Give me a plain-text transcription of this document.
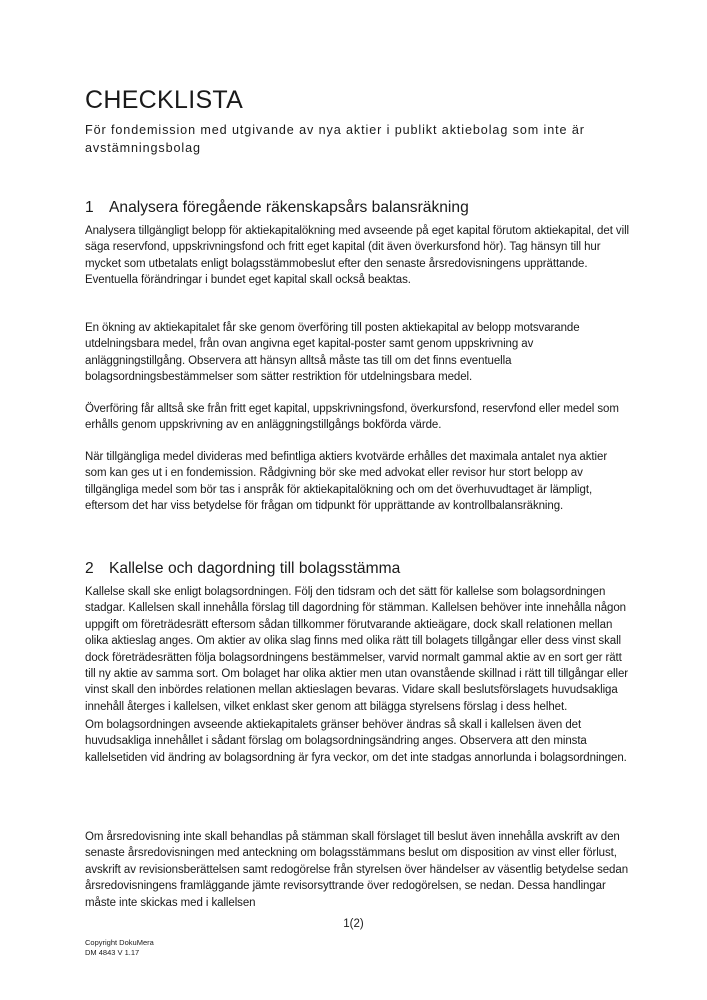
CHECKLISTA

För fondemission med utgivande av nya aktier i publikt aktiebolag som inte är avstämningsbolag

1 Analysera föregående räkenskapsårs balansräkning

Analysera tillgängligt belopp för aktiekapitalökning med avseende på eget kapital förutom aktiekapital, det vill säga reservfond, uppskrivningsfond och fritt eget kapital (dit även överkursfond hör). Tag hänsyn till hur mycket som utbetalats enligt bolagsstämmobeslut efter den senaste årsredovisningens upprättande. Eventuella förändringar i bundet eget kapital skall också beaktas.

En ökning av aktiekapitalet får ske genom överföring till posten aktiekapital av belopp motsvarande utdelningsbara medel, från ovan angivna eget kapital-poster samt genom uppskrivning av anläggningstillgång. Observera att hänsyn alltså måste tas till om det finns eventuella bolagsordningsbestämmelser som sätter restriktion för utdelningsbara medel.

Överföring får alltså ske från fritt eget kapital, uppskrivningsfond, överkursfond, reservfond eller medel som erhålls genom uppskrivning av en anläggningstillgångs bokförda värde.

När tillgängliga medel divideras med befintliga aktiers kvotvärde erhålles det maximala antalet nya aktier som kan ges ut i en fondemission. Rådgivning bör ske med advokat eller revisor hur stort belopp av tillgängliga medel som bör tas i anspråk för aktiekapitalökning och om det överhuvudtaget är lämpligt, eftersom det har viss betydelse för frågan om tidpunkt för upprättande av kontrollbalansräkning.

2 Kallelse och dagordning till bolagsstämma

Kallelse skall ske enligt bolagsordningen. Följ den tidsram och det sätt för kallelse som bolagsordningen stadgar. Kallelsen skall innehålla förslag till dagordning för stämman. Kallelsen behöver inte innehålla någon uppgift om företrädesrätt eftersom sådan tillkommer förutvarande aktieägare, dock skall relationen mellan olika aktieslag anges. Om aktier av olika slag finns med olika rätt till bolagets tillgångar eller dess vinst skall dock företrädesrätten följa bolagsordningens bestämmelser, varvid normalt gammal aktie av en sort ger rätt till ny aktie av samma sort. Om bolaget har olika aktier men utan ovanstående skillnad i rätt till tillgångar eller vinst skall den inbördes relationen mellan aktieslagen bevaras. Vidare skall beslutsförslagets huvudsakliga innehåll återges i kallelsen, vilket enklast sker genom att bilägga styrelsens förslag i dess helhet.

Om bolagsordningen avseende aktiekapitalets gränser behöver ändras så skall i kallelsen även det huvudsakliga innehållet i sådant förslag om bolagsordningsändring anges. Observera att den minsta kallelsetiden vid ändring av bolagsordning är fyra veckor, om det inte stadgas annorlunda i bolagsordningen.

Om årsredovisning inte skall behandlas på stämman skall förslaget till beslut även innehålla avskrift av den senaste årsredovisningen med anteckning om bolagsstämmans beslut om disposition av vinst eller förlust, avskrift av revisionsberättelsen samt redogörelse från styrelsen över händelser av väsentlig betydelse sedan årsredovisningens framläggande jämte revisorsyttrande över redogörelsen, se nedan. Dessa handlingar måste inte skickas med i kallelsen

1(2)
Copyright DokuMera
DM 4843 V 1.17
